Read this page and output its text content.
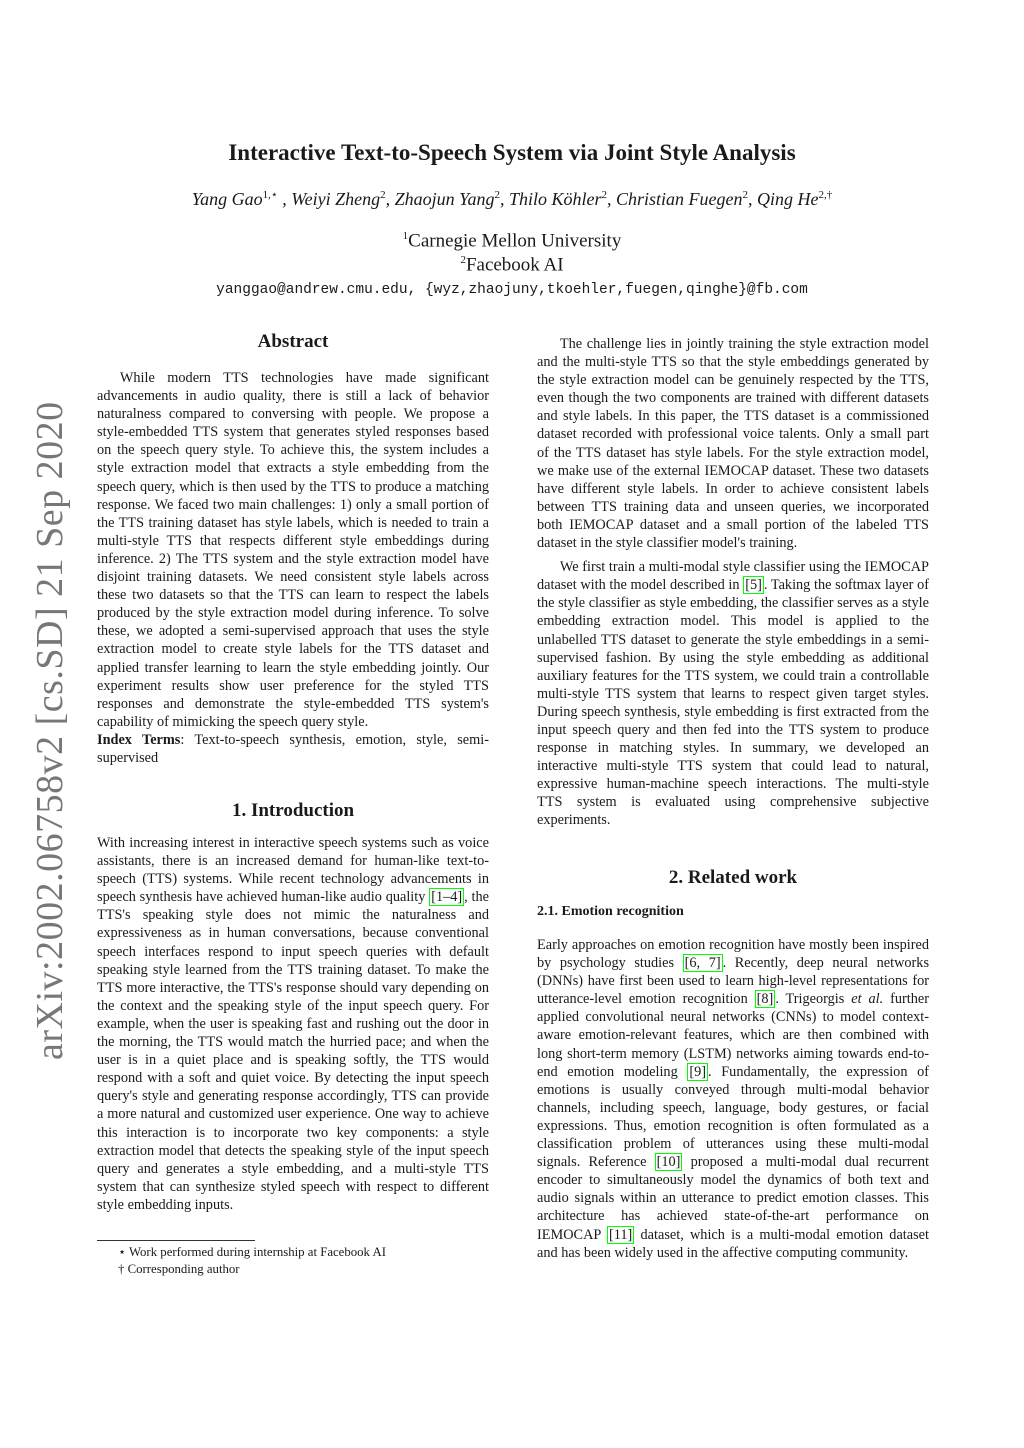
arXiv:2002.06758v2 [cs.SD] 21 Sep 2020
Interactive Text-to-Speech System via Joint Style Analysis
Yang Gao$^{1,⋆}$ , Weiyi Zheng$^2$, Zhaojun Yang$^2$, Thilo Köhler$^2$, Christian Fuegen$^2$, Qing $He^{2,\dagger}$
$^1$Carnegie Mellon University
$^2$Facebook AI
yanggao@andrew.cmu.edu, {wyz,zhaojuny,tkoehler,fuegen,qinghe}@fb.com
Abstract

While modern TTS technologies have made significant advancements in audio quality, there is still a lack of behavior naturalness compared to conversing with people. We propose a style-embedded TTS system that generates styled responses based on the speech query style. To achieve this, the system includes a style extraction model that extracts a style embedding from the speech query, which is then used by the TTS to produce a matching response. We faced two main challenges: 1) only a small portion of the TTS training dataset has style labels, which is needed to train a multi-style TTS that respects different style embeddings during inference. 2) The TTS system and the style extraction model have disjoint training datasets. We need consistent style labels across these two datasets so that the TTS can learn to respect the labels produced by the style extraction model during inference. To solve these, we adopted a semi-supervised approach that uses the style extraction model to create style labels for the TTS dataset and applied transfer learning to learn the style embedding jointly. Our experiment results show user preference for the styled TTS responses and demonstrate the style-embedded TTS system's capability of mimicking the speech query style.

Index Terms: Text-to-speech synthesis, emotion, style, semi-supervised

1. Introduction

With increasing interest in interactive speech systems such as voice assistants, there is an increased demand for human-like text-to-speech (TTS) systems. While recent technology advancements in speech synthesis have achieved human-like audio quality [1–4] , the TTS's speaking style does not mimic the naturalness and expressiveness as in human conversations, because conventional speech interfaces respond to input speech queries with default speaking style learned from the TTS training dataset. To make the TTS more interactive, the TTS's response should vary depending on the context and the speaking style of the input speech query. For example, when the user is speaking fast and rushing out the door in the morning, the TTS would match the hurried pace; and when the user is in a quiet place and is speaking softly, the TTS would respond with a soft and quiet voice. By detecting the input speech query's style and generating response accordingly, TTS can provide a more natural and customized user experience. One way to achieve this interaction is to incorporate two key components: a style extraction model that detects the speaking style of the input speech query and generates a style embedding, and a multi-style TTS system that can synthesize styled speech with respect to different style embedding inputs.

⋆ Work performed during internship at Facebook AI
† Corresponding author

The challenge lies in jointly training the style extraction model and the multi-style TTS so that the style embeddings generated by the style extraction model can be genuinely respected by the TTS, even though the two components are trained with different datasets and style labels. In this paper, the TTS dataset is a commissioned dataset recorded with professional voice talents. Only a small part of the TTS dataset has style labels. For the style extraction model, we make use of the external IEMOCAP dataset. These two datasets have different style labels. In order to achieve consistent labels between TTS training data and unseen queries, we incorporated both IEMOCAP dataset and a small portion of the labeled TTS dataset in the style classifier model's training.

We first train a multi-modal style classifier using the IEMOCAP dataset with the model described in [5] . Taking the softmax layer of the style classifier as style embedding, the classifier serves as a style embedding extraction model. This model is applied to the unlabelled TTS dataset to generate the style embeddings in a semi-supervised fashion. By using the style embedding as additional auxiliary features for the TTS system, we could train a controllable multi-style TTS system that learns to respect given target styles. During speech synthesis, style embedding is first extracted from the input speech query and then fed into the TTS system to produce response in matching styles. In summary, we developed an interactive multi-style TTS system that could lead to natural, expressive human-machine speech interactions. The multi-style TTS system is evaluated using comprehensive subjective experiments.

2. Related work
2.1. Emotion recognition

Early approaches on emotion recognition have mostly been inspired by psychology studies [6, 7] . Recently, deep neural networks (DNNs) have first been used to learn high-level representations for utterance-level emotion recognition [8] . Trigeorgis et al. further applied convolutional neural networks (CNNs) to model context-aware emotion-relevant features, which are then combined with long short-term memory (LSTM) networks aiming towards end-to-end emotion modeling [9] . Fundamentally, the expression of emotions is usually conveyed through multi-modal behavior channels, including speech, language, body gestures, or facial expressions. Thus, emotion recognition is often formulated as a classification problem of utterances using these multi-modal signals. Reference [10] proposed a multi-modal dual recurrent encoder to simultaneously model the dynamics of both text and audio signals within an utterance to predict emotion classes. This architecture has achieved state-of-the-art performance on IEMOCAP [11] dataset, which is a multi-modal emotion dataset and has been widely used in the affective computing community.
